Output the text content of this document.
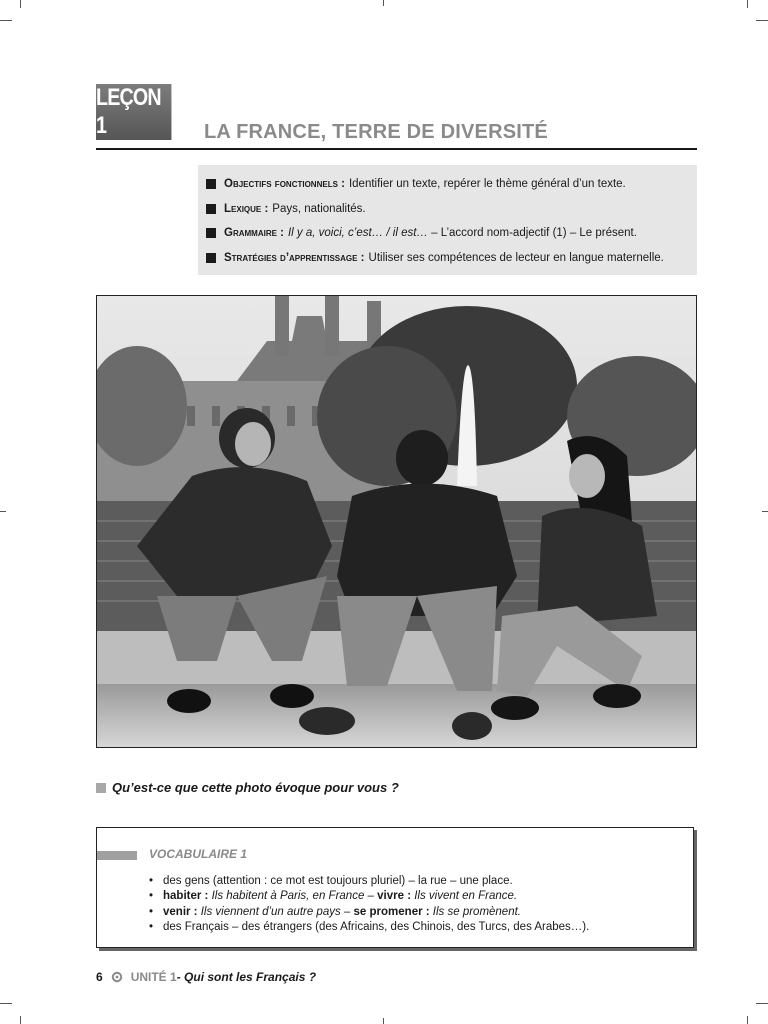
LEÇON 1	LA FRANCE, TERRE DE DIVERSITÉ
Objectifs fonctionnels : Identifier un texte, repérer le thème général d’un texte.
Lexique : Pays, nationalités.
Grammaire : Il y a, voici, c’est… / il est… – L’accord nom-adjectif (1) – Le présent.
Stratégies d’apprentissage : Utiliser ses compétences de lecteur en langue maternelle.
Qu’est-ce que cette photo évoque pour vous ?
VOCABULAIRE 1
• des gens (attention : ce mot est toujours pluriel) – la rue – une place.
• habiter : Ils habitent à Paris, en France – vivre : Ils vivent en France.
• venir : Ils viennent d’un autre pays – se promener : Ils se promènent.
• des Français – des étrangers (des Africains, des Chinois, des Turcs, des Arabes…).
6 UNITÉ 1 - Qui sont les Français ?
